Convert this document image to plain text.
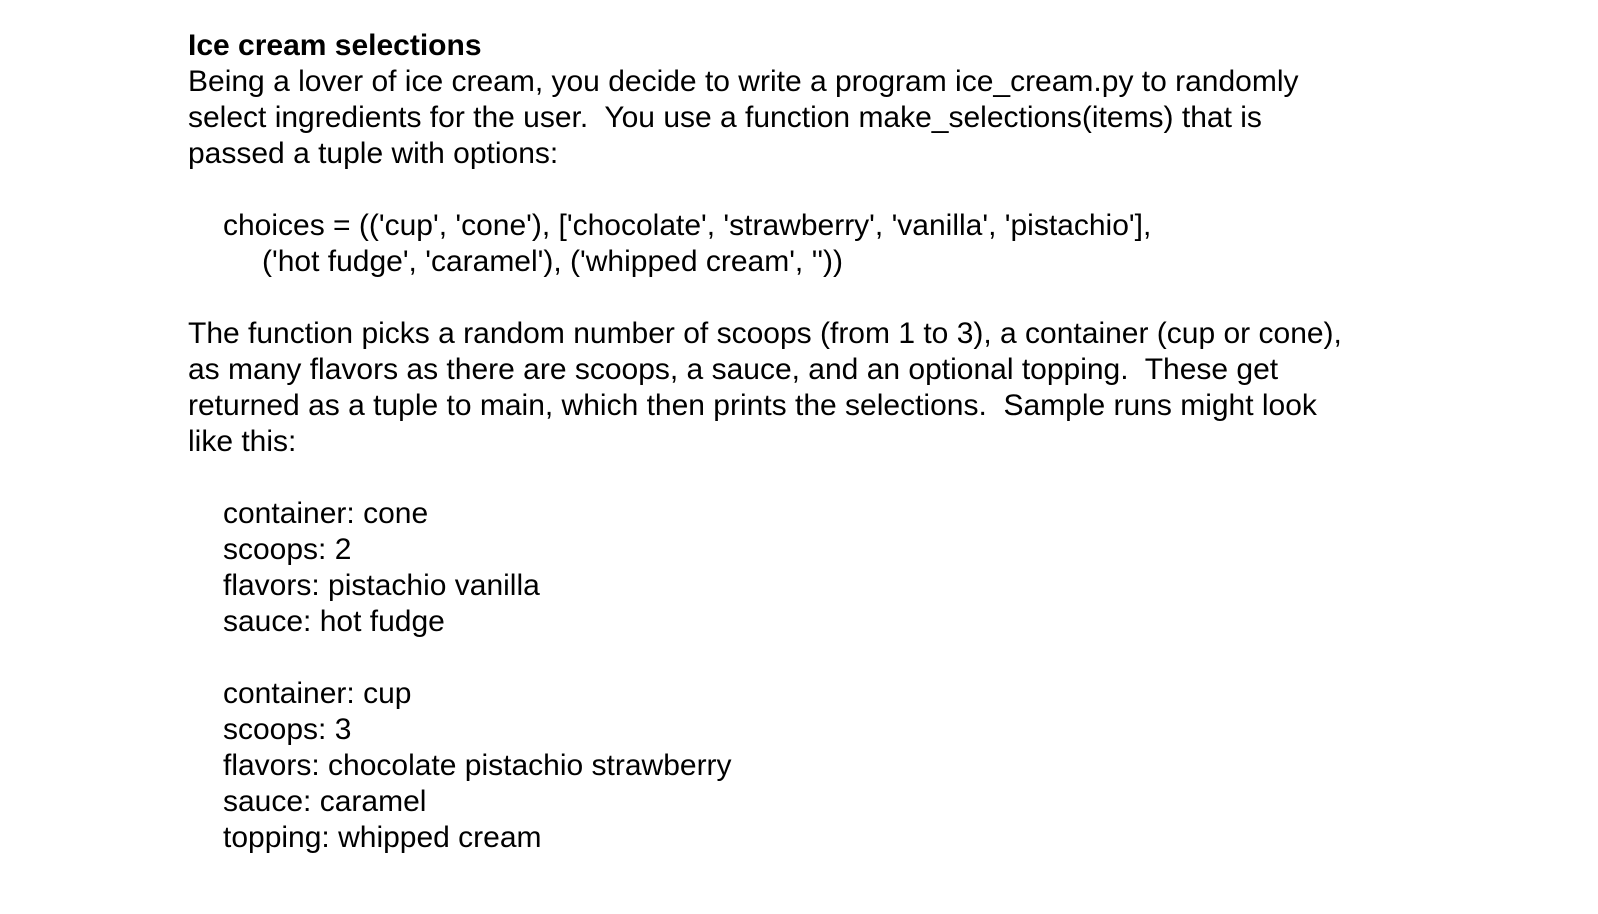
Ice cream selections

Being a lover of ice cream, you decide to write a program ice_cream.py to randomly

select ingredients for the user.  You use a function make_selections(items) that is

passed a tuple with options:

choices = (('cup', 'cone'), ['chocolate', 'strawberry', 'vanilla', 'pistachio'],

('hot fudge', 'caramel'), ('whipped cream', ''))

The function picks a random number of scoops (from 1 to 3), a container (cup or cone),

as many flavors as there are scoops, a sauce, and an optional topping.  These get

returned as a tuple to main, which then prints the selections.  Sample runs might look

like this:

container: cone

scoops: 2

flavors: pistachio vanilla

sauce: hot fudge

container: cup

scoops: 3

flavors: chocolate pistachio strawberry

sauce: caramel

topping: whipped cream
